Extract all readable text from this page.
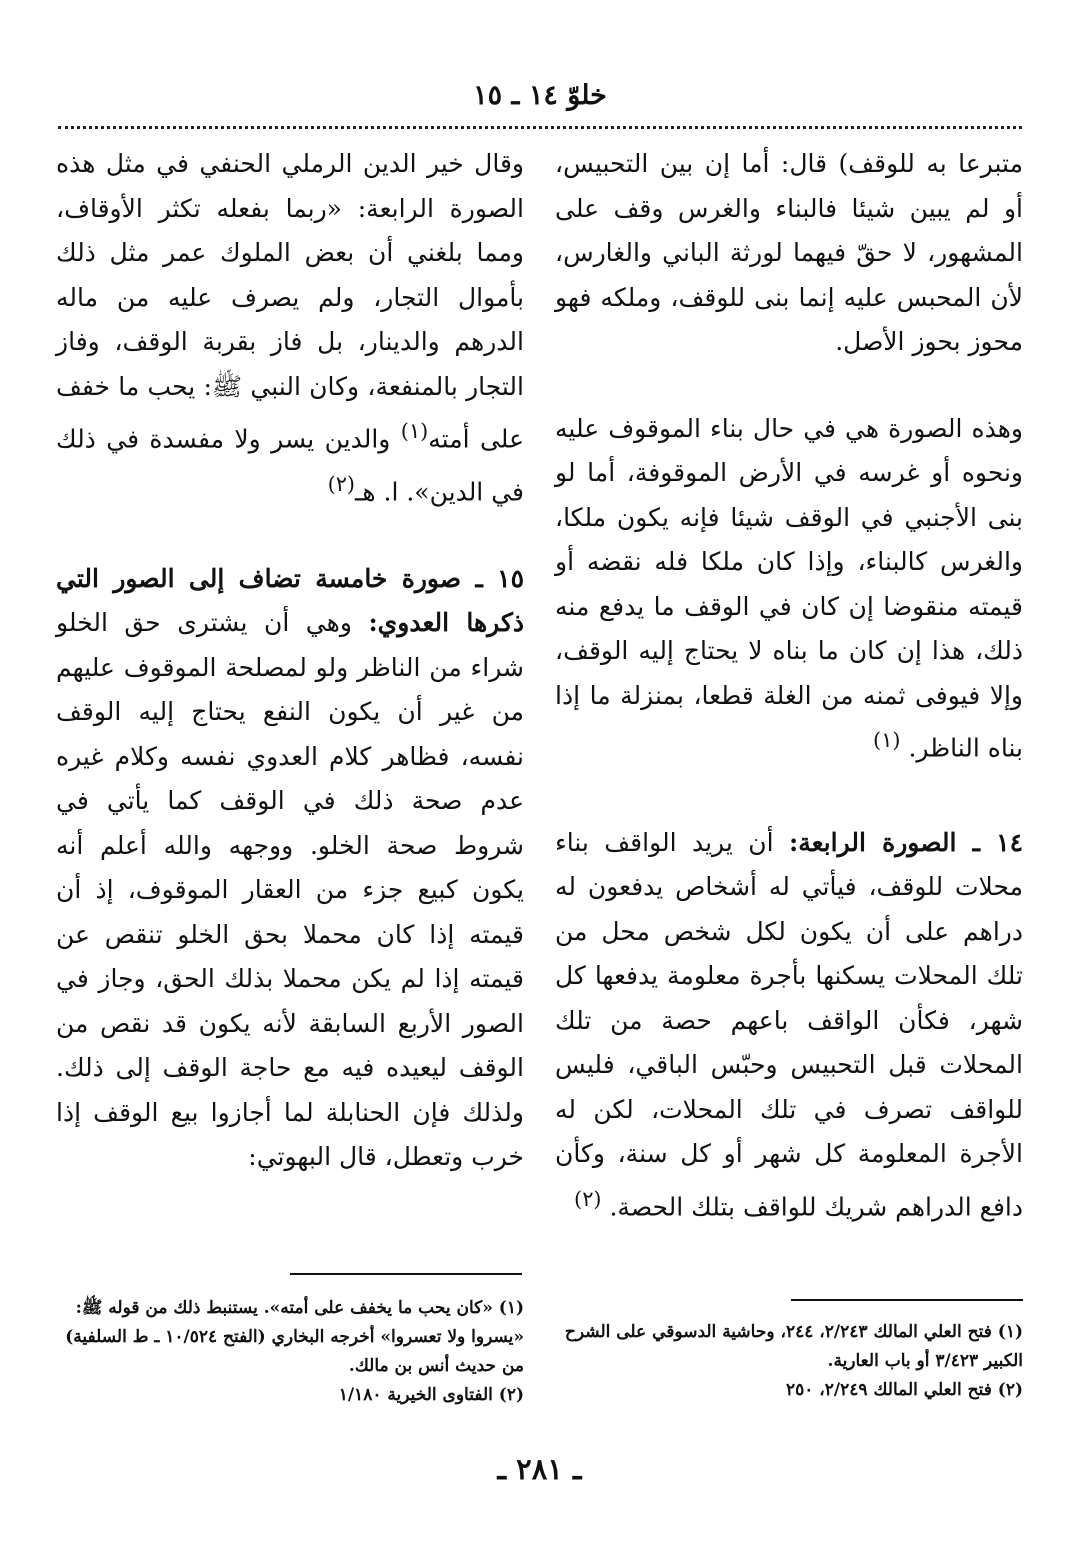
خلوّ ١٤ ـ ١٥

متبرعا به للوقف) قال: أما إن بين التحبيس، أو لم يبين شيئا فالبناء والغرس وقف على المشهور، لا حقّ فيهما لورثة الباني والغارس، لأن المحبس عليه إنما بنى للوقف، وملكه فهو محوز بحوز الأصل.

وهذه الصورة هي في حال بناء الموقوف عليه ونحوه أو غرسه في الأرض الموقوفة، أما لو بنى الأجنبي في الوقف شيئا فإنه يكون ملكا، والغرس كالبناء، وإذا كان ملكا فله نقضه أو قيمته منقوضا إن كان في الوقف ما يدفع منه ذلك، هذا إن كان ما بناه لا يحتاج إليه الوقف، وإلا فيوفى ثمنه من الغلة قطعا، بمنزلة ما إذا بناه الناظر. $^{(١)}$

١٤ ـ الصورة الرابعة: أن يريد الواقف بناء محلات للوقف، فيأتي له أشخاص يدفعون له دراهم على أن يكون لكل شخص محل من تلك المحلات يسكنها بأجرة معلومة يدفعها كل شهر، فكأن الواقف باعهم حصة من تلك المحلات قبل التحبيس وحبّس الباقي، فليس للواقف تصرف في تلك المحلات، لكن له الأجرة المعلومة كل شهر أو كل سنة، وكأن دافع الدراهم شريك للواقف بتلك الحصة. $^{(٢)}$

وقال خير الدين الرملي الحنفي في مثل هذه الصورة الرابعة: «ربما بفعله تكثر الأوقاف، ومما بلغني أن بعض الملوك عمر مثل ذلك بأموال التجار، ولم يصرف عليه من ماله الدرهم والدينار، بل فاز بقربة الوقف، وفاز التجار بالمنفعة، وكان النبي ﷺ: يحب ما خفف على أمته$^{(١)}$ والدين يسر ولا مفسدة في ذلك في الدين». ا. هـ$^{(٢)}$

١٥ ـ صورة خامسة تضاف إلى الصور التي ذكرها العدوي: وهي أن يشترى حق الخلو شراء من الناظر ولو لمصلحة الموقوف عليهم من غير أن يكون النفع يحتاج إليه الوقف نفسه، فظاهر كلام العدوي نفسه وكلام غيره عدم صحة ذلك في الوقف كما يأتي في شروط صحة الخلو. ووجهه والله أعلم أنه يكون كبيع جزء من العقار الموقوف، إذ أن قيمته إذا كان محملا بحق الخلو تنقص عن قيمته إذا لم يكن محملا بذلك الحق، وجاز في الصور الأربع السابقة لأنه يكون قد نقص من الوقف ليعيده فيه مع حاجة الوقف إلى ذلك. ولذلك فإن الحنابلة لما أجازوا بيع الوقف إذا خرب وتعطل، قال البهوتي:

(١) فتح العلي المالك ٢/٢٤٣، ٢٤٤، وحاشية الدسوقي على الشرح الكبير ٣/٤٢٣ أو باب العارية.

(٢) فتح العلي المالك ٢/٢٤٩، ٢٥٠

(١) «كان يحب ما يخفف على أمته». يستنبط ذلك من قوله ﷺ: «يسروا ولا تعسروا» أخرجه البخاري (الفتح ١٠/٥٢٤ ـ ط السلفية) من حديث أنس بن مالك.

(٢) الفتاوى الخيرية ١/١٨٠

ـ ٢٨١ ـ
